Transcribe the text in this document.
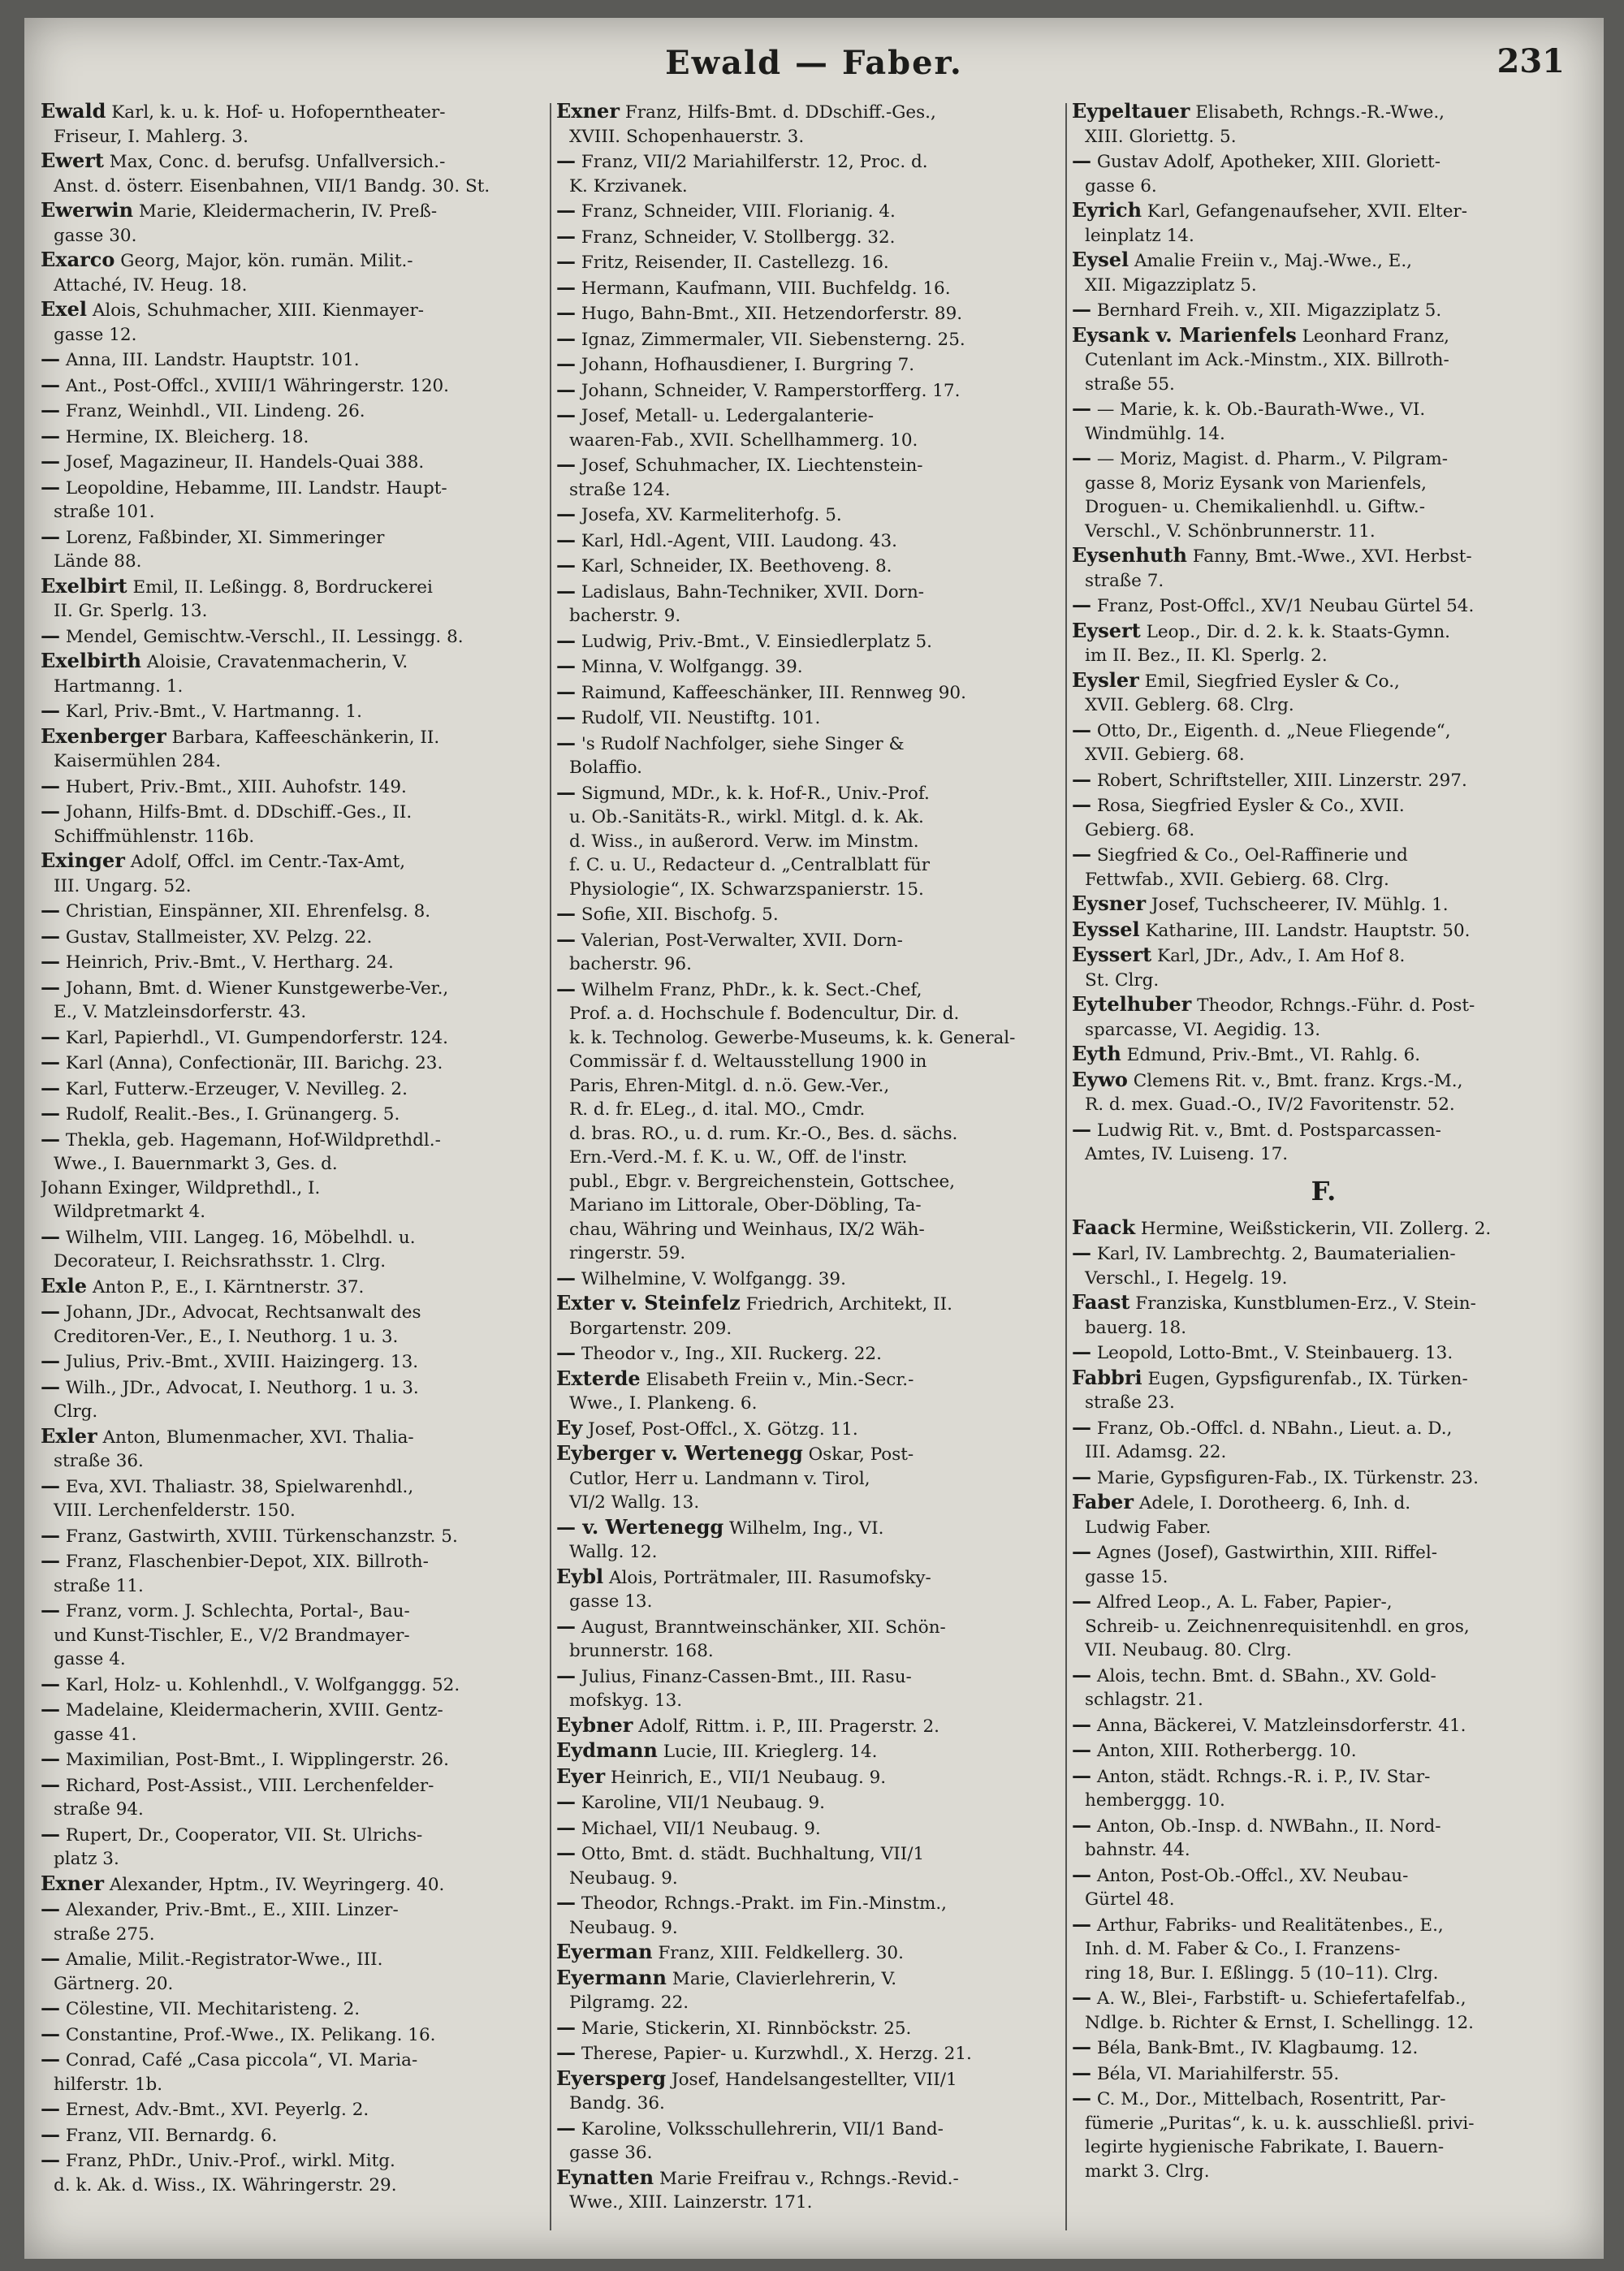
Ewald — Faber.	231
Ewald Karl, k. u. k. Hof- u. Hofoperntheater-
Friseur, I. Mahlerg. 3.
Ewert Max, Conc. d. berufsg. Unfallversich.-
Anst. d. österr. Eisenbahnen, VII/1 Bandg. 30. St.
Ewerwin Marie, Kleidermacherin, IV. Preß-
gasse 30.
Exarco Georg, Major, kön. rumän. Milit.-
Attaché, IV. Heug. 18.
Exel Alois, Schuhmacher, XIII. Kienmayer-
gasse 12.
— Anna, III. Landstr. Hauptstr. 101.
— Ant., Post-Offcl., XVIII/1 Währingerstr. 120.
— Franz, Weinhdl., VII. Lindeng. 26.
— Hermine, IX. Bleicherg. 18.
— Josef, Magazineur, II. Handels-Quai 388.
— Leopoldine, Hebamme, III. Landstr. Haupt-
straße 101.
— Lorenz, Faßbinder, XI. Simmeringer
Lände 88.
Exelbirt Emil, II. Leßingg. 8, Bordruckerei
II. Gr. Sperlg. 13.
— Mendel, Gemischtw.-Verschl., II. Lessingg. 8.
Exelbirth Aloisie, Cravatenmacherin, V.
Hartmanng. 1.
— Karl, Priv.-Bmt., V. Hartmanng. 1.
Exenberger Barbara, Kaffeeschänkerin, II.
Kaisermühlen 284.
— Hubert, Priv.-Bmt., XIII. Auhofstr. 149.
— Johann, Hilfs-Bmt. d. DDschiff.-Ges., II.
Schiffmühlenstr. 116b.
Exinger Adolf, Offcl. im Centr.-Tax-Amt,
III. Ungarg. 52.
— Christian, Einspänner, XII. Ehrenfelsg. 8.
— Gustav, Stallmeister, XV. Pelzg. 22.
— Heinrich, Priv.-Bmt., V. Hertharg. 24.
— Johann, Bmt. d. Wiener Kunstgewerbe-Ver.,
E., V. Matzleinsdorferstr. 43.
— Karl, Papierhdl., VI. Gumpendorferstr. 124.
— Karl (Anna), Confectionär, III. Barichg. 23.
— Karl, Futterw.-Erzeuger, V. Nevilleg. 2.
— Rudolf, Realit.-Bes., I. Grünangerg. 5.
— Thekla, geb. Hagemann, Hof-Wildprethdl.-
Wwe., I. Bauernmarkt 3, Ges. d.
Johann Exinger, Wildprethdl., I.
Wildpretmarkt 4.
— Wilhelm, VIII. Langeg. 16, Möbelhdl. u.
Decorateur, I. Reichsrathsstr. 1. Clrg.
Exle Anton P., E., I. Kärntnerstr. 37.
— Johann, JDr., Advocat, Rechtsanwalt des
Creditoren-Ver., E., I. Neuthorg. 1 u. 3.
— Julius, Priv.-Bmt., XVIII. Haizingerg. 13.
— Wilh., JDr., Advocat, I. Neuthorg. 1 u. 3.
Clrg.
Exler Anton, Blumenmacher, XVI. Thalia-
straße 36.
— Eva, XVI. Thaliastr. 38, Spielwarenhdl.,
VIII. Lerchenfelderstr. 150.
— Franz, Gastwirth, XVIII. Türkenschanzstr. 5.
— Franz, Flaschenbier-Depot, XIX. Billroth-
straße 11.
— Franz, vorm. J. Schlechta, Portal-, Bau-
und Kunst-Tischler, E., V/2 Brandmayer-
gasse 4.
— Karl, Holz- u. Kohlenhdl., V. Wolfganggg. 52.
— Madelaine, Kleidermacherin, XVIII. Gentz-
gasse 41.
— Maximilian, Post-Bmt., I. Wipplingerstr. 26.
— Richard, Post-Assist., VIII. Lerchenfelder-
straße 94.
— Rupert, Dr., Cooperator, VII. St. Ulrichs-
platz 3.
Exner Alexander, Hptm., IV. Weyringerg. 40.
— Alexander, Priv.-Bmt., E., XIII. Linzer-
straße 275.
— Amalie, Milit.-Registrator-Wwe., III.
Gärtnerg. 20.
— Cölestine, VII. Mechitaristeng. 2.
— Constantine, Prof.-Wwe., IX. Pelikang. 16.
— Conrad, Café „Casa piccola“, VI. Maria-
hilferstr. 1b.
— Ernest, Adv.-Bmt., XVI. Peyerlg. 2.
— Franz, VII. Bernardg. 6.
— Franz, PhDr., Univ.-Prof., wirkl. Mitg.
d. k. Ak. d. Wiss., IX. Währingerstr. 29.
Exner Franz, Hilfs-Bmt. d. DDschiff.-Ges.,
XVIII. Schopenhauerstr. 3.
— Franz, VII/2 Mariahilferstr. 12, Proc. d.
K. Krzivanek.
— Franz, Schneider, VIII. Florianig. 4.
— Franz, Schneider, V. Stollbergg. 32.
— Fritz, Reisender, II. Castellezg. 16.
— Hermann, Kaufmann, VIII. Buchfeldg. 16.
— Hugo, Bahn-Bmt., XII. Hetzendorferstr. 89.
— Ignaz, Zimmermaler, VII. Siebensterng. 25.
— Johann, Hofhausdiener, I. Burgring 7.
— Johann, Schneider, V. Ramperstorfferg. 17.
— Josef, Metall- u. Ledergalanterie-
waaren-Fab., XVII. Schellhammerg. 10.
— Josef, Schuhmacher, IX. Liechtenstein-
straße 124.
— Josefa, XV. Karmeliterhofg. 5.
— Karl, Hdl.-Agent, VIII. Laudong. 43.
— Karl, Schneider, IX. Beethoveng. 8.
— Ladislaus, Bahn-Techniker, XVII. Dorn-
bacherstr. 9.
— Ludwig, Priv.-Bmt., V. Einsiedlerplatz 5.
— Minna, V. Wolfgangg. 39.
— Raimund, Kaffeeschänker, III. Rennweg 90.
— Rudolf, VII. Neustiftg. 101.
— 's Rudolf Nachfolger, siehe Singer &
Bolaffio.
— Sigmund, MDr., k. k. Hof-R., Univ.-Prof.
u. Ob.-Sanitäts-R., wirkl. Mitgl. d. k. Ak.
d. Wiss., in außerord. Verw. im Minstm.
f. C. u. U., Redacteur d. „Centralblatt für
Physiologie“, IX. Schwarzspanierstr. 15.
— Sofie, XII. Bischofg. 5.
— Valerian, Post-Verwalter, XVII. Dorn-
bacherstr. 96.
— Wilhelm Franz, PhDr., k. k. Sect.-Chef,
Prof. a. d. Hochschule f. Bodencultur, Dir. d.
k. k. Technolog. Gewerbe-Museums, k. k. General-
Commissär f. d. Weltausstellung 1900 in
Paris, Ehren-Mitgl. d. n.ö. Gew.-Ver.,
R. d. fr. ELeg., d. ital. MO., Cmdr.
d. bras. RO., u. d. rum. Kr.-O., Bes. d. sächs.
Ern.-Verd.-M. f. K. u. W., Off. de l'instr.
publ., Ebgr. v. Bergreichenstein, Gottschee,
Mariano im Littorale, Ober-Döbling, Ta-
chau, Währing und Weinhaus, IX/2 Wäh-
ringerstr. 59.
— Wilhelmine, V. Wolfgangg. 39.
Exter v. Steinfelz Friedrich, Architekt, II.
Borgartenstr. 209.
— Theodor v., Ing., XII. Ruckerg. 22.
Exterde Elisabeth Freiin v., Min.-Secr.-
Wwe., I. Plankeng. 6.
Ey Josef, Post-Offcl., X. Götzg. 11.
Eyberger v. Wertenegg Oskar, Post-
Cutlor, Herr u. Landmann v. Tirol,
VI/2 Wallg. 13.
— v. Wertenegg Wilhelm, Ing., VI.
Wallg. 12.
Eybl Alois, Porträtmaler, III. Rasumofsky-
gasse 13.
— August, Branntweinschänker, XII. Schön-
brunnerstr. 168.
— Julius, Finanz-Cassen-Bmt., III. Rasu-
mofskyg. 13.
Eybner Adolf, Rittm. i. P., III. Pragerstr. 2.
Eydmann Lucie, III. Krieglerg. 14.
Eyer Heinrich, E., VII/1 Neubaug. 9.
— Karoline, VII/1 Neubaug. 9.
— Michael, VII/1 Neubaug. 9.
— Otto, Bmt. d. städt. Buchhaltung, VII/1
Neubaug. 9.
— Theodor, Rchngs.-Prakt. im Fin.-Minstm.,
Neubaug. 9.
Eyerman Franz, XIII. Feldkellerg. 30.
Eyermann Marie, Clavierlehrerin, V.
Pilgramg. 22.
— Marie, Stickerin, XI. Rinnböckstr. 25.
— Therese, Papier- u. Kurzwhdl., X. Herzg. 21.
Eyersperg Josef, Handelsangestellter, VII/1
Bandg. 36.
— Karoline, Volksschullehrerin, VII/1 Band-
gasse 36.
Eynatten Marie Freifrau v., Rchngs.-Revid.-
Wwe., XIII. Lainzerstr. 171.
Eypeltauer Elisabeth, Rchngs.-R.-Wwe.,
XIII. Gloriettg. 5.
— Gustav Adolf, Apotheker, XIII. Gloriett-
gasse 6.
Eyrich Karl, Gefangenaufseher, XVII. Elter-
leinplatz 14.
Eysel Amalie Freiin v., Maj.-Wwe., E.,
XII. Migazziplatz 5.
— Bernhard Freih. v., XII. Migazziplatz 5.
Eysank v. Marienfels Leonhard Franz,
Cutenlant im Ack.-Minstm., XIX. Billroth-
straße 55.
— — Marie, k. k. Ob.-Baurath-Wwe., VI.
Windmühlg. 14.
— — Moriz, Magist. d. Pharm., V. Pilgram-
gasse 8, Moriz Eysank von Marienfels,
Droguen- u. Chemikalienhdl. u. Giftw.-
Verschl., V. Schönbrunnerstr. 11.
Eysenhuth Fanny, Bmt.-Wwe., XVI. Herbst-
straße 7.
— Franz, Post-Offcl., XV/1 Neubau Gürtel 54.
Eysert Leop., Dir. d. 2. k. k. Staats-Gymn.
im II. Bez., II. Kl. Sperlg. 2.
Eysler Emil, Siegfried Eysler & Co.,
XVII. Geblerg. 68. Clrg.
— Otto, Dr., Eigenth. d. „Neue Fliegende“,
XVII. Gebierg. 68.
— Robert, Schriftsteller, XIII. Linzerstr. 297.
— Rosa, Siegfried Eysler & Co., XVII.
Gebierg. 68.
— Siegfried & Co., Oel-Raffinerie und
Fettwfab., XVII. Gebierg. 68. Clrg.
Eysner Josef, Tuchscheerer, IV. Mühlg. 1.
Eyssel Katharine, III. Landstr. Hauptstr. 50.
Eyssert Karl, JDr., Adv., I. Am Hof 8.
St. Clrg.
Eytelhuber Theodor, Rchngs.-Führ. d. Post-
sparcasse, VI. Aegidig. 13.
Eyth Edmund, Priv.-Bmt., VI. Rahlg. 6.
Eywo Clemens Rit. v., Bmt. franz. Krgs.-M.,
R. d. mex. Guad.-O., IV/2 Favoritenstr. 52.
— Ludwig Rit. v., Bmt. d. Postsparcassen-
Amtes, IV. Luiseng. 17.
F.
Faack Hermine, Weißstickerin, VII. Zollerg. 2.
— Karl, IV. Lambrechtg. 2, Baumaterialien-
Verschl., I. Hegelg. 19.
Faast Franziska, Kunstblumen-Erz., V. Stein-
bauerg. 18.
— Leopold, Lotto-Bmt., V. Steinbauerg. 13.
Fabbri Eugen, Gypsfigurenfab., IX. Türken-
straße 23.
— Franz, Ob.-Offcl. d. NBahn., Lieut. a. D.,
III. Adamsg. 22.
— Marie, Gypsfiguren-Fab., IX. Türkenstr. 23.
Faber Adele, I. Dorotheerg. 6, Inh. d.
Ludwig Faber.
— Agnes (Josef), Gastwirthin, XIII. Riffel-
gasse 15.
— Alfred Leop., A. L. Faber, Papier-,
Schreib- u. Zeichnenrequisitenhdl. en gros,
VII. Neubaug. 80. Clrg.
— Alois, techn. Bmt. d. SBahn., XV. Gold-
schlagstr. 21.
— Anna, Bäckerei, V. Matzleinsdorferstr. 41.
— Anton, XIII. Rotherbergg. 10.
— Anton, städt. Rchngs.-R. i. P., IV. Star-
hemberggg. 10.
— Anton, Ob.-Insp. d. NWBahn., II. Nord-
bahnstr. 44.
— Anton, Post-Ob.-Offcl., XV. Neubau-
Gürtel 48.
— Arthur, Fabriks- und Realitätenbes., E.,
Inh. d. M. Faber & Co., I. Franzens-
ring 18, Bur. I. Eßlingg. 5 (10–11). Clrg.
— A. W., Blei-, Farbstift- u. Schiefertafelfab.,
Ndlge. b. Richter & Ernst, I. Schellingg. 12.
— Béla, Bank-Bmt., IV. Klagbaumg. 12.
— Béla, VI. Mariahilferstr. 55.
— C. M., Dor., Mittelbach, Rosentritt, Par-
fümerie „Puritas“, k. u. k. ausschließl. privi-
legirte hygienische Fabrikate, I. Bauern-
markt 3. Clrg.
